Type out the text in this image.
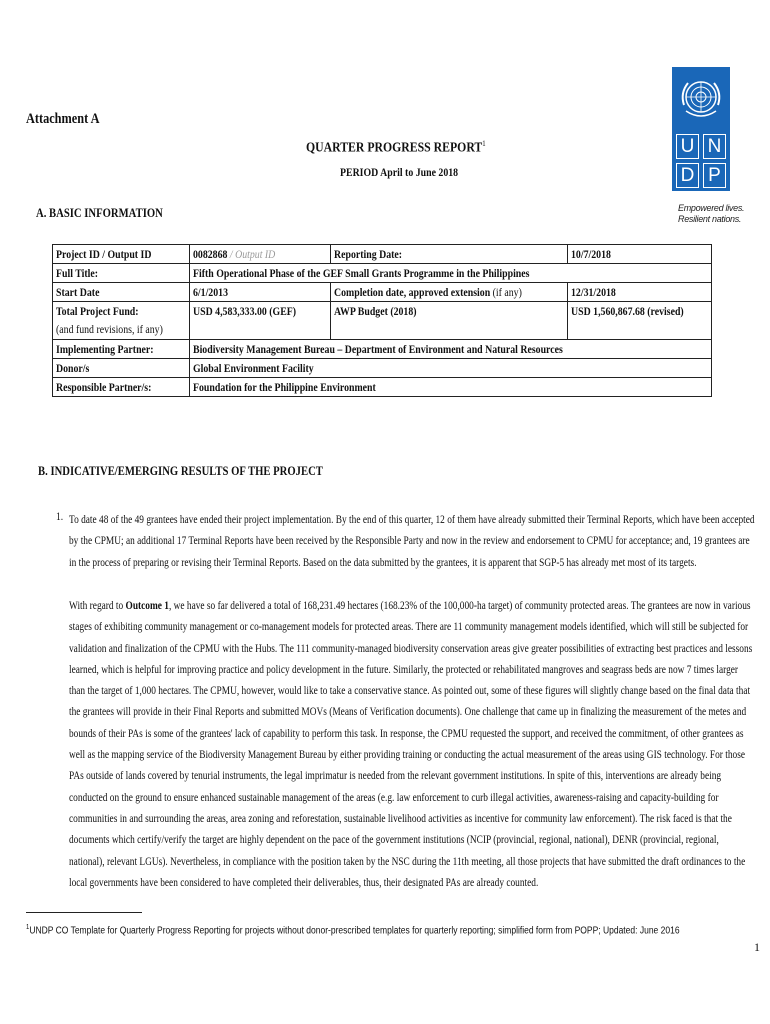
U N
D P
Empowered lives.
Resilient nations.
Attachment A
QUARTER PROGRESS REPORT$^1$
PERIOD April to June 2018
A. BASIC INFORMATION
Project ID / Output ID	0082868 / Output ID	Reporting Date:	10/7/2018
Full Title:	Fifth Operational Phase of the GEF Small Grants Programme in the Philippines		
Start Date	6/1/2013	Completion date, approved extension (if any)	12/31/2018
Total Project Fund:	USD 4,583,333.00 (GEF)	AWP Budget (2018)	USD 1,560,867.68 (revised)
(and fund revisions, if any)			
Implementing Partner:	Biodiversity Management Bureau – Department of Environment and Natural Resources		
Donor/s	Global Environment Facility		
Responsible Partner/s:	Foundation for the Philippine Environment		
B. INDICATIVE/EMERGING RESULTS OF THE PROJECT
1. To date 48 of the 49 grantees have ended their project implementation. By the end of this quarter, 12 of them have already submitted their Terminal Reports, which have been accepted by the CPMU; an additional 17 Terminal Reports have been received by the Responsible Party and now in the review and endorsement to CPMU for acceptance; and, 19 grantees are in the process of preparing or revising their Terminal Reports. Based on the data submitted by the grantees, it is apparent that SGP-5 has already met most of its targets.
With regard to Outcome 1, we have so far delivered a total of 168,231.49 hectares (168.23% of the 100,000-ha target) of community protected areas. The grantees are now in various stages of exhibiting community management or co-management models for protected areas. There are 11 community management models identified, which will still be subjected for validation and finalization of the CPMU with the Hubs. The 111 community-managed biodiversity conservation areas give greater possibilities of extracting best practices and lessons learned, which is helpful for improving practice and policy development in the future. Similarly, the protected or rehabilitated mangroves and seagrass beds are now 7 times larger than the target of 1,000 hectares. The CPMU, however, would like to take a conservative stance. As pointed out, some of these figures will slightly change based on the final data that the grantees will provide in their Final Reports and submitted MOVs (Means of Verification documents). One challenge that came up in finalizing the measurement of the metes and bounds of their PAs is some of the grantees' lack of capability to perform this task. In response, the CPMU requested the support, and received the commitment, of other grantees as well as the mapping service of the Biodiversity Management Bureau by either providing training or conducting the actual measurement of the areas using GIS technology. For those PAs outside of lands covered by tenurial instruments, the legal imprimatur is needed from the relevant government institutions. In spite of this, interventions are already being conducted on the ground to ensure enhanced sustainable management of the areas (e.g. law enforcement to curb illegal activities, awareness-raising and capacity-building for communities in and surrounding the areas, area zoning and reforestation, sustainable livelihood activities as incentive for community law enforcement). The risk faced is that the documents which certify/verify the target are highly dependent on the pace of the government institutions (NCIP (provincial, regional, national), DENR (provincial, regional, national), relevant LGUs). Nevertheless, in compliance with the position taken by the NSC during the 11th meeting, all those projects that have submitted the draft ordinances to the local governments have been considered to have completed their deliverables, thus, their designated PAs are already counted.
$^1$UNDP CO Template for Quarterly Progress Reporting for projects without donor-prescribed templates for quarterly reporting; simplified form from POPP; Updated: June 2016
1
